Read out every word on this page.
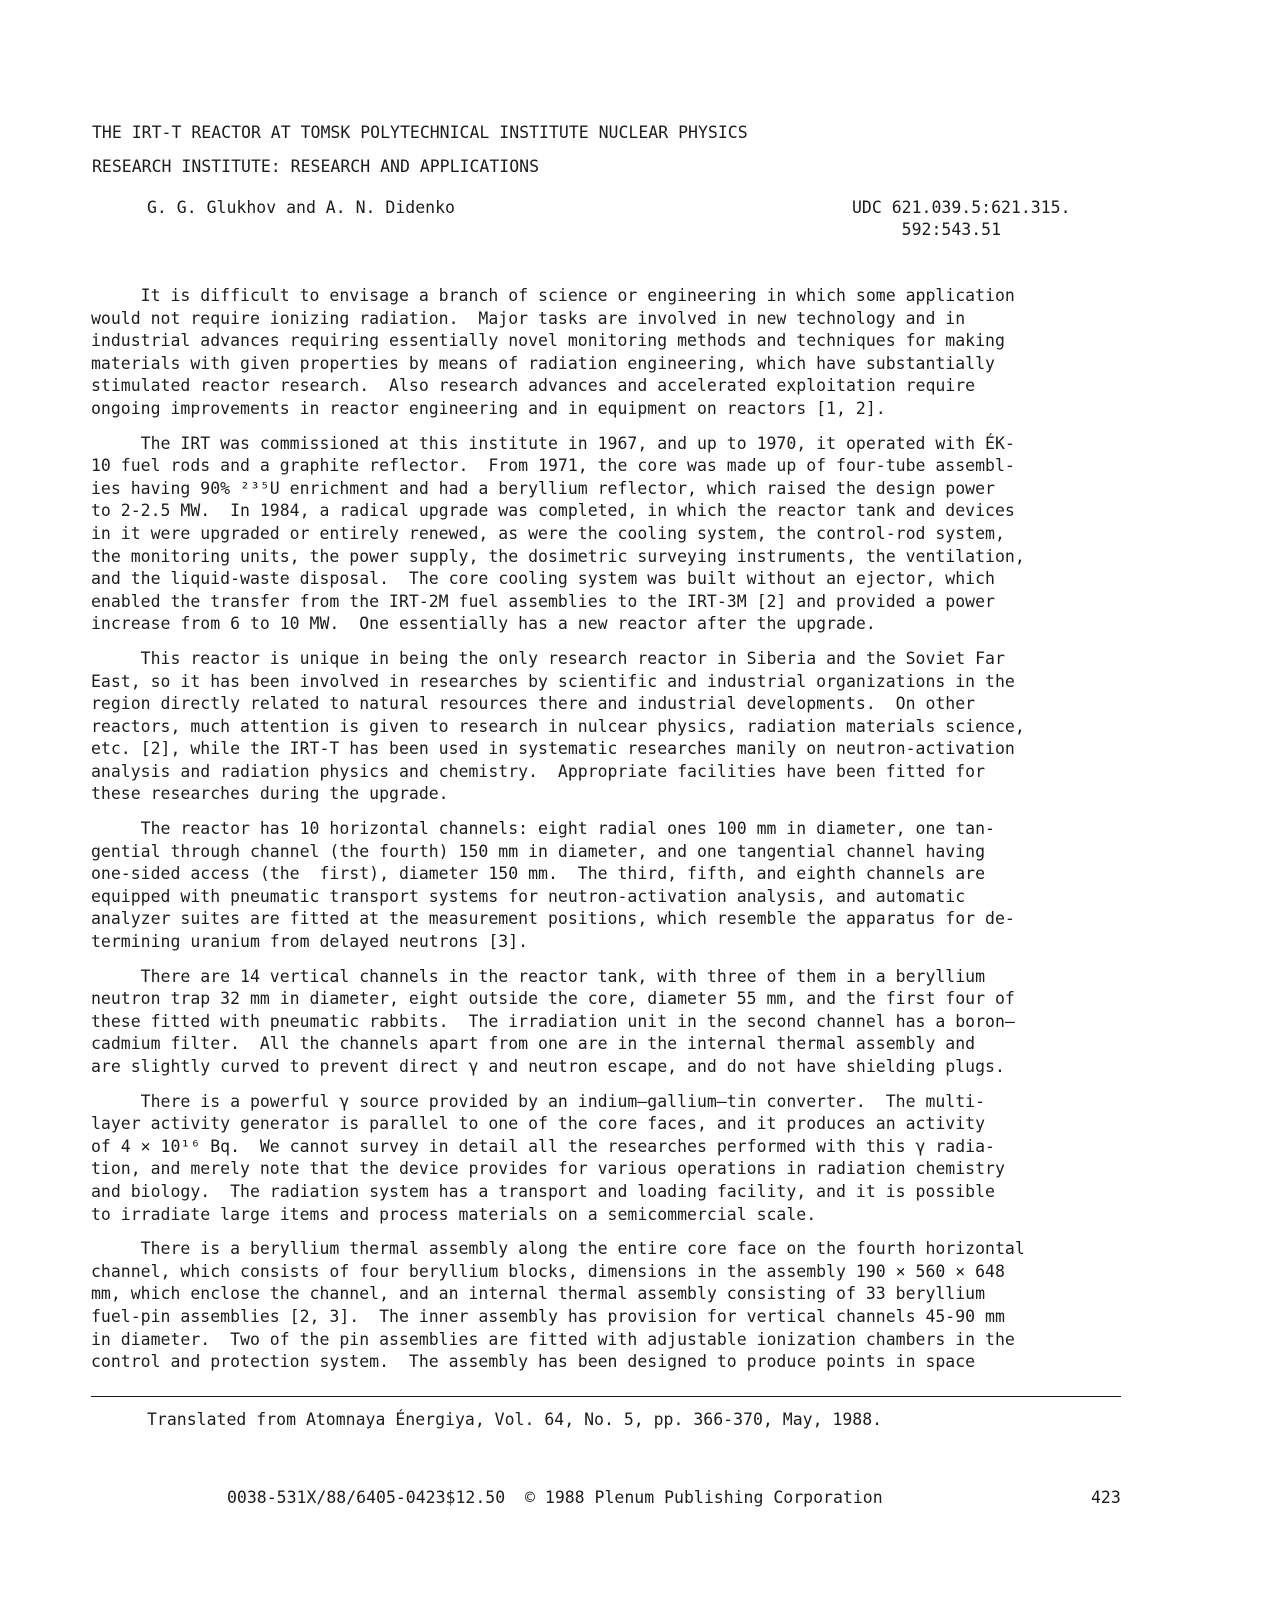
THE IRT-T REACTOR AT TOMSK POLYTECHNICAL INSTITUTE NUCLEAR PHYSICS
RESEARCH INSTITUTE: RESEARCH AND APPLICATIONS
G. G. Glukhov and A. N. Didenko	UDC 621.039.5:621.315.
592:543.51

It is difficult to envisage a branch of science or engineering in which some application
would not require ionizing radiation.  Major tasks are involved in new technology and in
industrial advances requiring essentially novel monitoring methods and techniques for making
materials with given properties by means of radiation engineering, which have substantially
stimulated reactor research.  Also research advances and accelerated exploitation require
ongoing improvements in reactor engineering and in equipment on reactors [1, 2].

The IRT was commissioned at this institute in 1967, and up to 1970, it operated with ÉK-
10 fuel rods and a graphite reflector.  From 1971, the core was made up of four-tube assembl-
ies having 90% ²³⁵U enrichment and had a beryllium reflector, which raised the design power
to 2-2.5 MW.  In 1984, a radical upgrade was completed, in which the reactor tank and devices
in it were upgraded or entirely renewed, as were the cooling system, the control-rod system,
the monitoring units, the power supply, the dosimetric surveying instruments, the ventilation,
and the liquid-waste disposal.  The core cooling system was built without an ejector, which
enabled the transfer from the IRT-2M fuel assemblies to the IRT-3M [2] and provided a power
increase from 6 to 10 MW.  One essentially has a new reactor after the upgrade.

This reactor is unique in being the only research reactor in Siberia and the Soviet Far
East, so it has been involved in researches by scientific and industrial organizations in the
region directly related to natural resources there and industrial developments.  On other
reactors, much attention is given to research in nulcear physics, radiation materials science,
etc. [2], while the IRT-T has been used in systematic researches manily on neutron-activation
analysis and radiation physics and chemistry.  Appropriate facilities have been fitted for
these researches during the upgrade.

The reactor has 10 horizontal channels: eight radial ones 100 mm in diameter, one tan-
gential through channel (the fourth) 150 mm in diameter, and one tangential channel having
one-sided access (the  first), diameter 150 mm.  The third, fifth, and eighth channels are
equipped with pneumatic transport systems for neutron-activation analysis, and automatic
analyzer suites are fitted at the measurement positions, which resemble the apparatus for de-
termining uranium from delayed neutrons [3].

There are 14 vertical channels in the reactor tank, with three of them in a beryllium
neutron trap 32 mm in diameter, eight outside the core, diameter 55 mm, and the first four of
these fitted with pneumatic rabbits.  The irradiation unit in the second channel has a boron—
cadmium filter.  All the channels apart from one are in the internal thermal assembly and
are slightly curved to prevent direct γ and neutron escape, and do not have shielding plugs.

There is a powerful γ source provided by an indium—gallium—tin converter.  The multi-
layer activity generator is parallel to one of the core faces, and it produces an activity
of 4 × 10¹⁶ Bq.  We cannot survey in detail all the researches performed with this γ radia-
tion, and merely note that the device provides for various operations in radiation chemistry
and biology.  The radiation system has a transport and loading facility, and it is possible
to irradiate large items and process materials on a semicommercial scale.

There is a beryllium thermal assembly along the entire core face on the fourth horizontal
channel, which consists of four beryllium blocks, dimensions in the assembly 190 × 560 × 648
mm, which enclose the channel, and an internal thermal assembly consisting of 33 beryllium
fuel-pin assemblies [2, 3].  The inner assembly has provision for vertical channels 45-90 mm
in diameter.  Two of the pin assemblies are fitted with adjustable ionization chambers in the
control and protection system.  The assembly has been designed to produce points in space

Translated from Atomnaya Énergiya, Vol. 64, No. 5, pp. 366-370, May, 1988.
0038-531X/88/6405-0423$12.50  © 1988 Plenum Publishing Corporation	423
